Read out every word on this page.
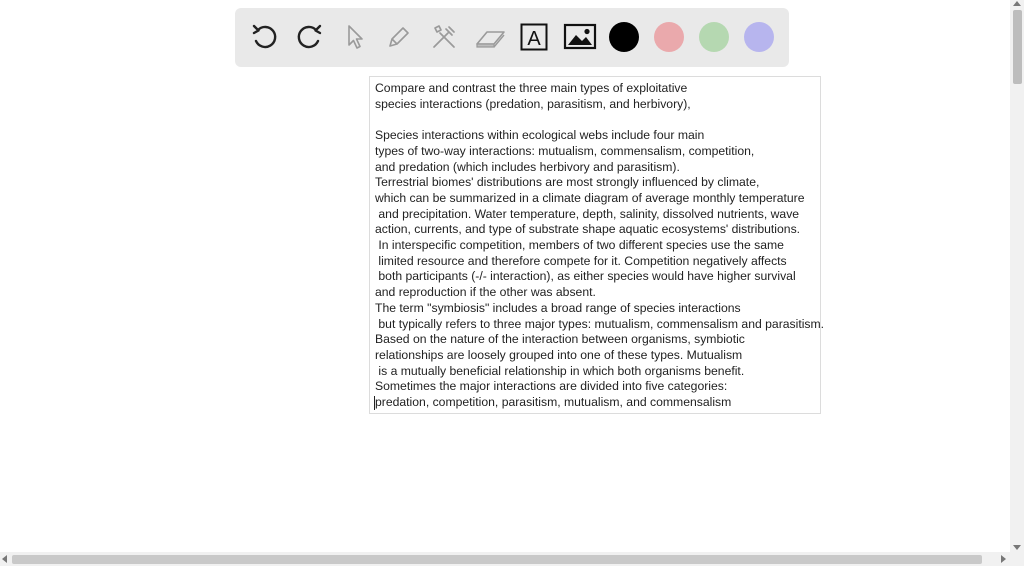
A
Compare and contrast the three main types of exploitative
species interactions (predation, parasitism, and herbivory),

Species interactions within ecological webs include four main
types of two-way interactions: mutualism, commensalism, competition,
and predation (which includes herbivory and parasitism).
Terrestrial biomes' distributions are most strongly influenced by climate,
which can be summarized in a climate diagram of average monthly temperature
and precipitation. Water temperature, depth, salinity, dissolved nutrients, wave
action, currents, and type of substrate shape aquatic ecosystems' distributions.
In interspecific competition, members of two different species use the same
limited resource and therefore compete for it. Competition negatively affects
both participants (-/- interaction), as either species would have higher survival
and reproduction if the other was absent.
The term "symbiosis" includes a broad range of species interactions
but typically refers to three major types: mutualism, commensalism and parasitism.
Based on the nature of the interaction between organisms, symbiotic
relationships are loosely grouped into one of these types. Mutualism
is a mutually beneficial relationship in which both organisms benefit.
Sometimes the major interactions are divided into five categories:
predation, competition, parasitism, mutualism, and commensalism
